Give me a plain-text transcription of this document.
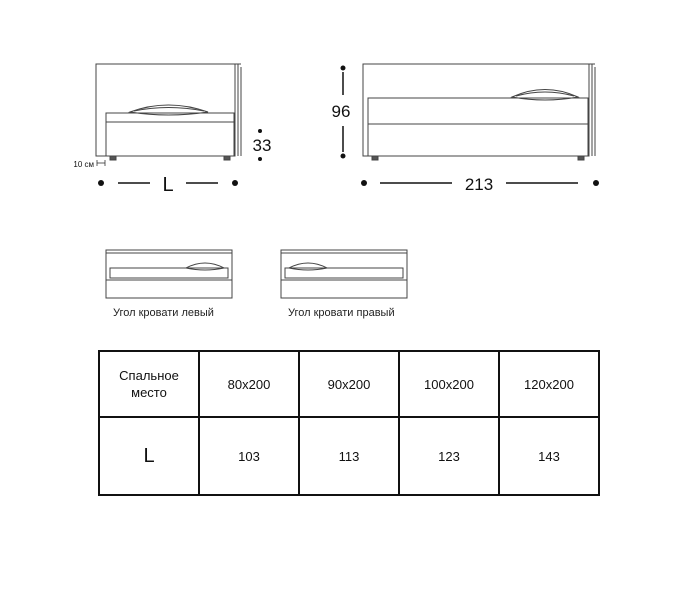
L
33
10 см
96
213
Угол кровати левый	Угол кровати правый
Спальное
место	80x200	90x200	100x200	120x200
L	103	113	123	143
